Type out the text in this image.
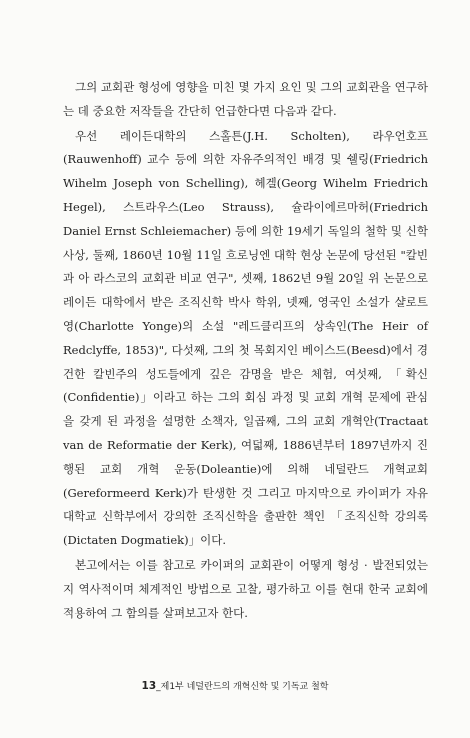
그의 교회관 형성에 영향을 미친 몇 가지 요인 및 그의 교회관을 연구하는 데 중요한 저작들을 간단히 언급한다면 다음과 같다.

우선 레이든대학의 스홀튼(J.H. Scholten), 라우언호프(Rauwenhoff) 교수 등에 의한 자유주의적인 배경 및 쉘링(Friedrich Wihelm Joseph von Schelling), 헤겔(Georg Wihelm Friedrich Hegel), 스트라우스(Leo Strauss), 슐라이에르마허(Friedrich Daniel Ernst Schleiemacher) 등에 의한 19세기 독일의 철학 및 신학 사상, 둘째, 1860년 10월 11일 흐로닝엔 대학 현상 논문에 당선된 "칼빈과 아 라스코의 교회관 비교 연구", 셋째, 1862년 9월 20일 위 논문으로 레이든 대학에서 받은 조직신학 박사 학위, 넷째, 영국인 소설가 샬로트 영(Charlotte Yonge)의 소설 "레드클리프의 상속인(The Heir of Redclyffe, 1853)", 다섯째, 그의 첫 목회지인 베이스드(Beesd)에서 경건한 칼빈주의 성도들에게 깊은 감명을 받은 체험, 여섯째, 「확신(Confidentie)」이라고 하는 그의 회심 과정 및 교회 개혁 문제에 관심을 갖게 된 과정을 설명한 소책자, 일곱째, 그의 교회 개혁안(Tractaat van de Reformatie der Kerk), 여덟째, 1886년부터 1897년까지 진행된 교회 개혁 운동(Doleantie)에 의해 네덜란드 개혁교회(Gereformeerd Kerk)가 탄생한 것 그리고 마지막으로 카이퍼가 자유대학교 신학부에서 강의한 조직신학을 출판한 책인 「조직신학 강의록(Dictaten Dogmatiek)」이다.

본고에서는 이를 참고로 카이퍼의 교회관이 어떻게 형성 · 발전되었는지 역사적이며 체계적인 방법으로 고찰, 평가하고 이를 현대 한국 교회에 적용하여 그 함의를 살펴보고자 한다.

13_제1부 네덜란드의 개혁신학 및 기독교 철학
